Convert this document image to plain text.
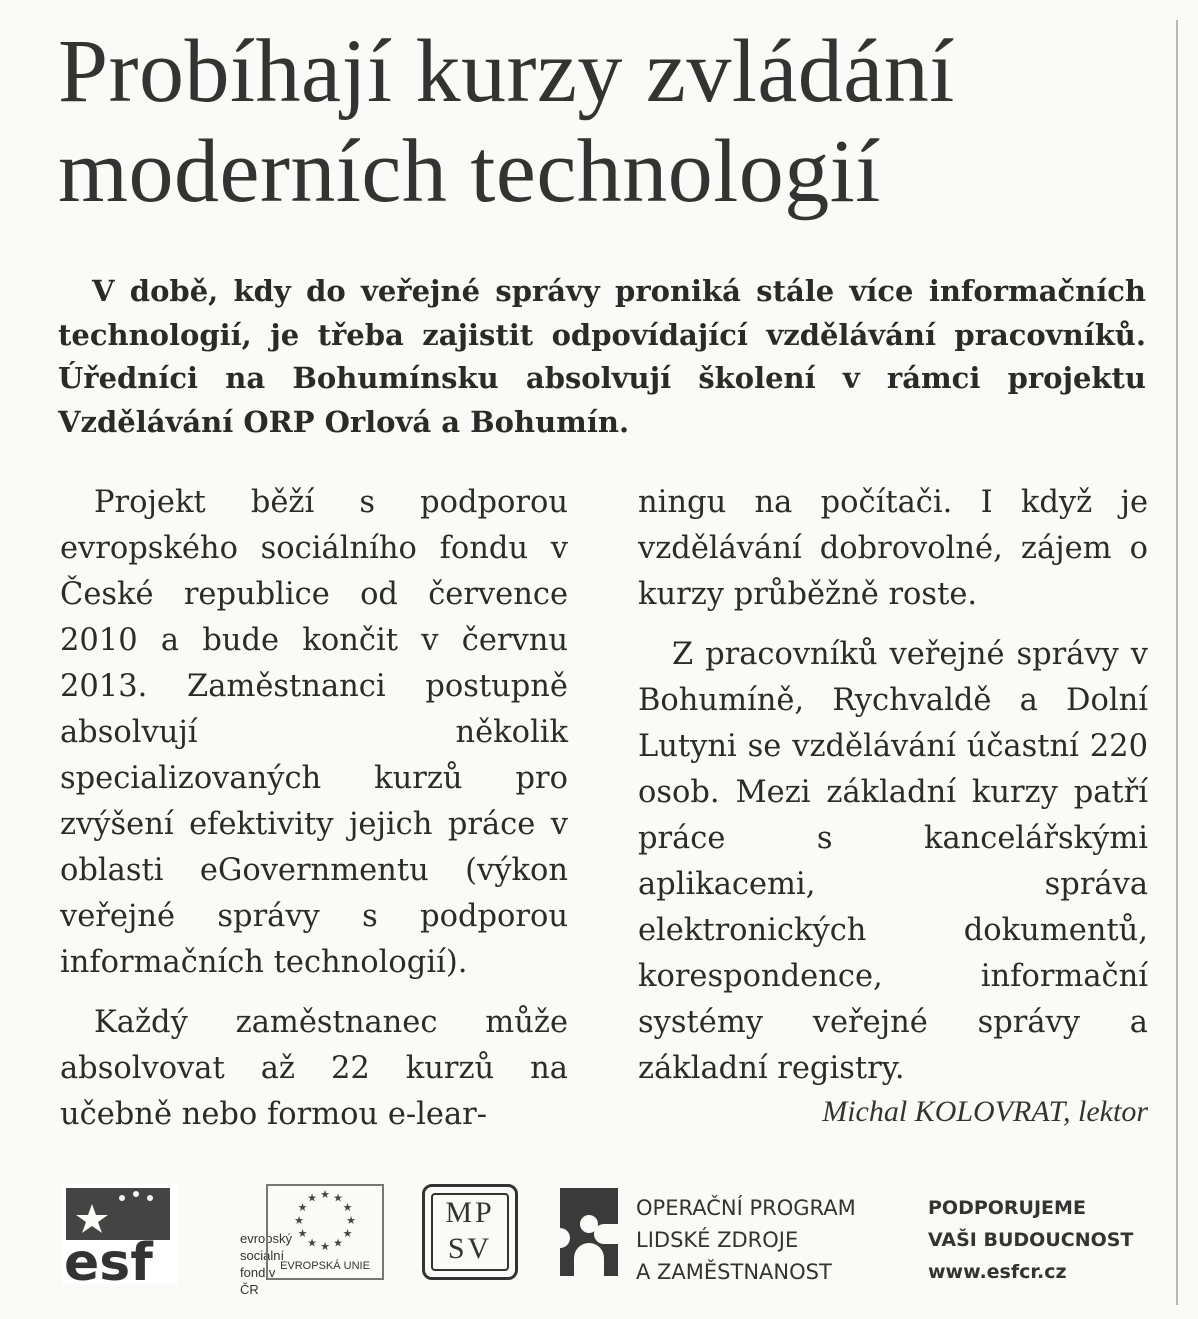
Probíhají kurzy zvládání
moderních technologií

V době, kdy do veřejné správy proniká stále více informačních technologií, je třeba zajistit odpovídající vzdělávání pracovníků. Úředníci na Bohumínsku absolvují školení v rámci projektu Vzdělávání ORP Orlová a Bohumín.

Projekt běží s podporou evropského sociálního fondu v České republice od července 2010 a bude končit v červnu 2013. Zaměstnanci postupně absolvují několik specializovaných kurzů pro zvýšení efektivity jejich práce v oblasti eGovernmentu (výkon veřejné správy s podporou informačních technologií).

Každý zaměstnanec může absolvovat až 22 kurzů na učebně nebo formou e-lear-

ningu na počítači. I když je vzdělávání dobrovolné, zájem o kurzy průběžně roste.

Z pracovníků veřejné správy v Bohumíně, Rychvaldě a Dolní Lutyni se vzdělávání účastní 220 osob. Mezi základní kurzy patří práce s kancelářskými aplikacemi, správa elektronických dokumentů, korespondence, informační systémy veřejné správy a základní registry.

Michal KOLOVRAT, lektor
esf	evropský
sociální
fond v ČR
★ ★
★
★
★
★
★
★
★
★
★
★
EVROPSKÁ UNIE
MP
SV
OPERAČNÍ PROGRAM
LIDSKÉ ZDROJE
A ZAMĚSTNANOST
PODPORUJEME
VAŠI BUDOUCNOST
www.esfcr.cz
